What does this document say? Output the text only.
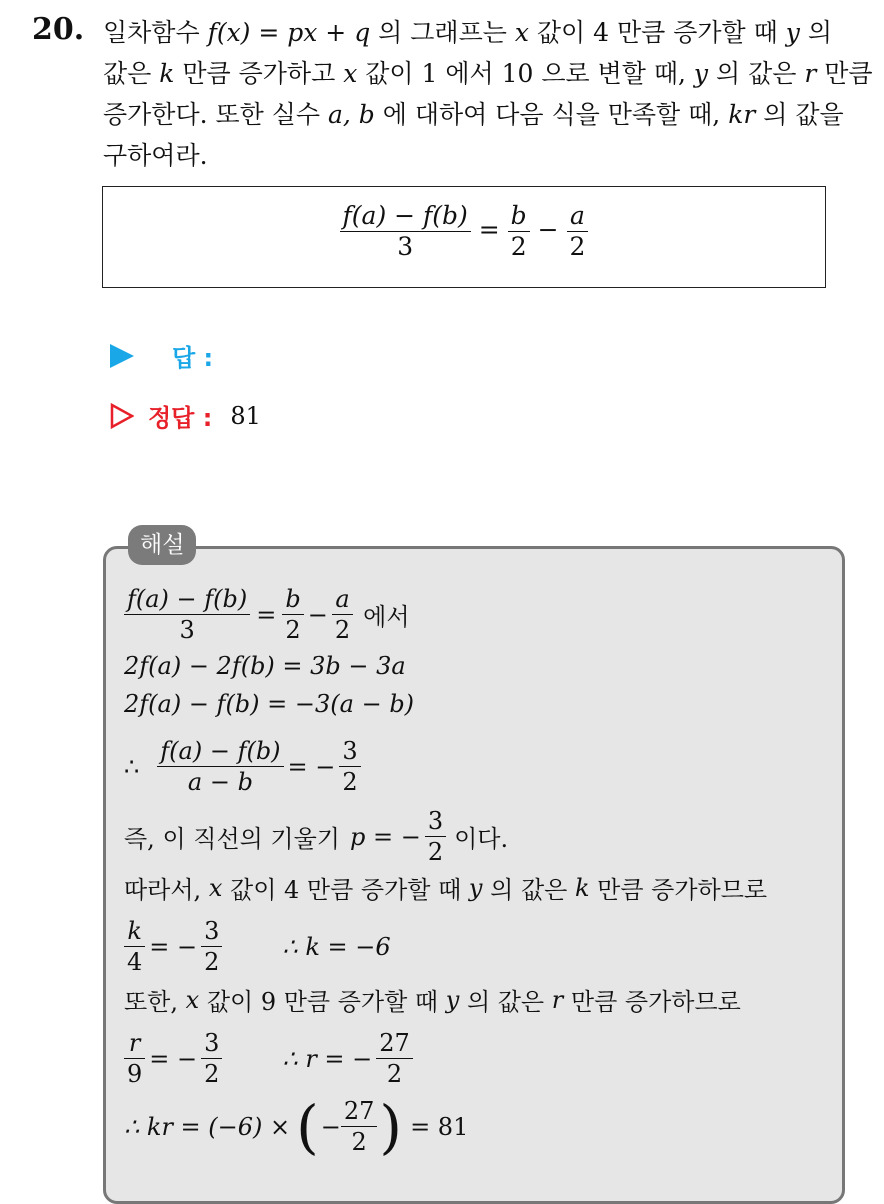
20. 일차함수 f(x) = px + q 의 그래프는 x 값이 4 만큼 증가할 때 y 의
값은 k 만큼 증가하고 x 값이 1 에서 10 으로 변할 때, y 의 값은 r 만큼
증가한다. 또한 실수 a, b 에 대하여 다음 식을 만족할 때, kr 의 값을
구하여라.
$\frac{f(a) - f(b)}{3} = \frac{b}{2} - \frac{a}{2}$
답 :
정답 : 81
해설
$\frac{f(a) - f(b)}{3} = \frac{b}{2} - \frac{a}{2}$ 에서
2f(a) − 2f(b) = 3b − 3a
2f(a) − f(b) = −3(a − b)
∴ $\frac{f(a) - f(b)}{a - b}$ = − $\frac{3}{2}$
즉, 이 직선의 기울기 p = − $\frac{3}{2}$ 이다.
따라서,
x
값이 4 만큼 증가할 때
y
의 값은
k
만큼 증가하므로
$\frac{k}{4}$ = − $\frac{3}{2}$	∴ k = −6
또한,
x
값이 9 만큼 증가할 때
y
의 값은
r
만큼 증가하므로
$\frac{r}{9}$ = − $\frac{3}{2}$	∴ r = − $\frac{27}{2}$
∴ kr = (−6) × ( − $\frac{27}{2}$ ) = 81
